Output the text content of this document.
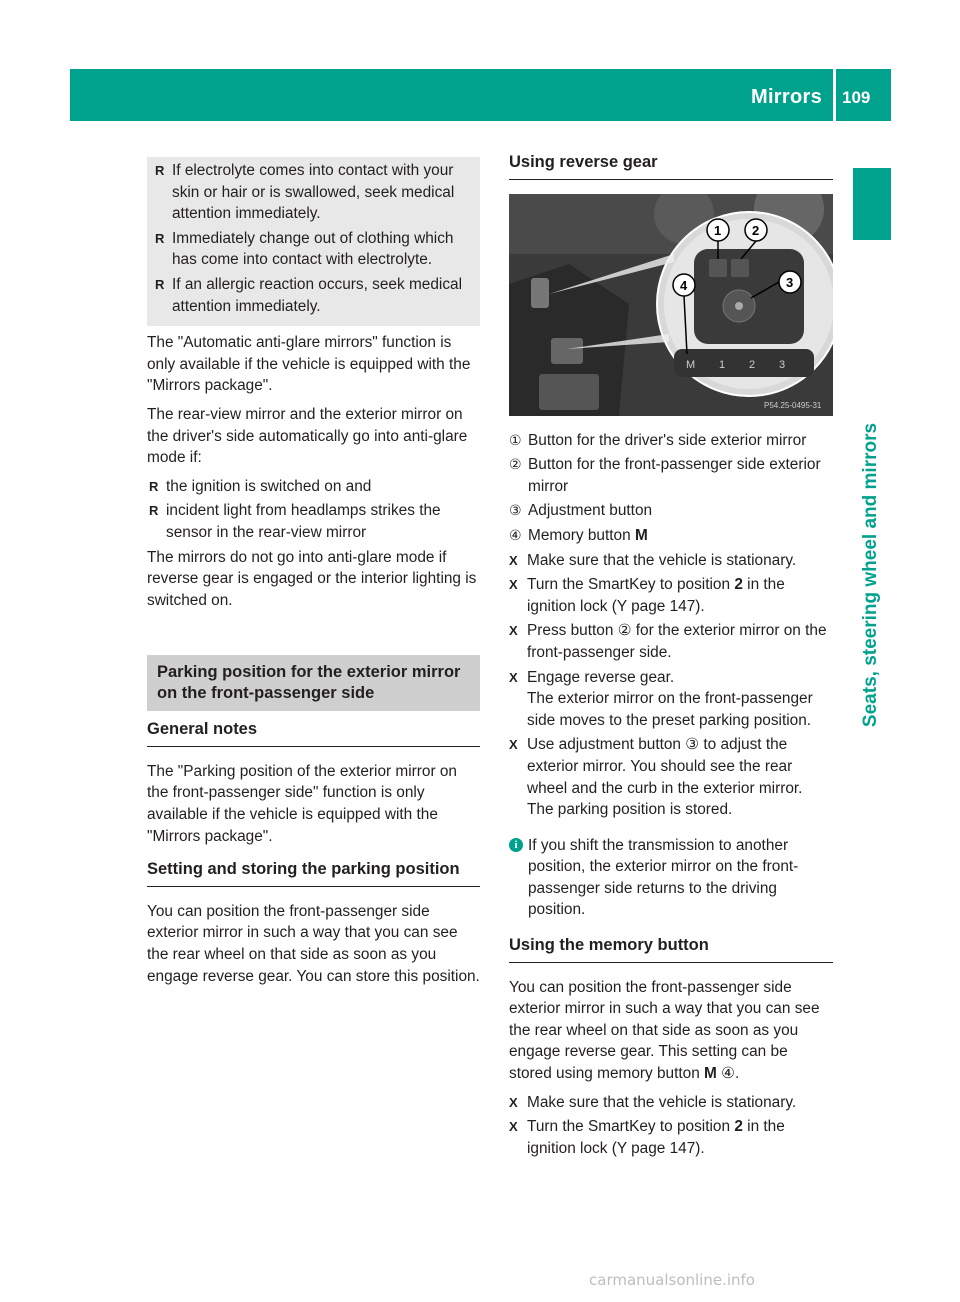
Mirrors 109
Seats, steering wheel and mirrors
R If electrolyte comes into contact with your skin or hair or is swallowed, seek medical attention immediately.
R Immediately change out of clothing which has come into contact with electrolyte.
R If an allergic reaction occurs, seek medical attention immediately.

The "Automatic anti-glare mirrors" function is only available if the vehicle is equipped with the "Mirrors package".

The rear-view mirror and the exterior mirror on the driver's side automatically go into anti-glare mode if:

R the ignition is switched on and
R incident light from headlamps strikes the sensor in the rear-view mirror

The mirrors do not go into anti-glare mode if reverse gear is engaged or the interior lighting is switched on.

Parking position for the exterior mirror on the front-passenger side
General notes

The "Parking position of the exterior mirror on the front-passenger side" function is only available if the vehicle is equipped with the "Mirrors package".

Setting and storing the parking position

You can position the front-passenger side exterior mirror in such a way that you can see the rear wheel on that side as soon as you engage reverse gear. You can store this position.

Using reverse gear
M 1 2 3
1 2
3
4
P54.25-0495-31
① Button for the driver's side exterior mirror
② Button for the front-passenger side exterior mirror
③ Adjustment button
④ Memory button M
X Make sure that the vehicle is stationary.
X Turn the SmartKey to position 2 in the ignition lock (Y page 147).
X Press button ② for the exterior mirror on the front-passenger side.
X Engage reverse gear.
The exterior mirror on the front-passenger side moves to the preset parking position.
X Use adjustment button ③ to adjust the exterior mirror. You should see the rear wheel and the curb in the exterior mirror.
The parking position is stored.
i If you shift the transmission to another position, the exterior mirror on the front-passenger side returns to the driving position.
Using the memory button

You can position the front-passenger side exterior mirror in such a way that you can see the rear wheel on that side as soon as you engage reverse gear. This setting can be stored using memory button M ④.

X Make sure that the vehicle is stationary.
X Turn the SmartKey to position 2 in the ignition lock (Y page 147).
carmanualsonline.info
